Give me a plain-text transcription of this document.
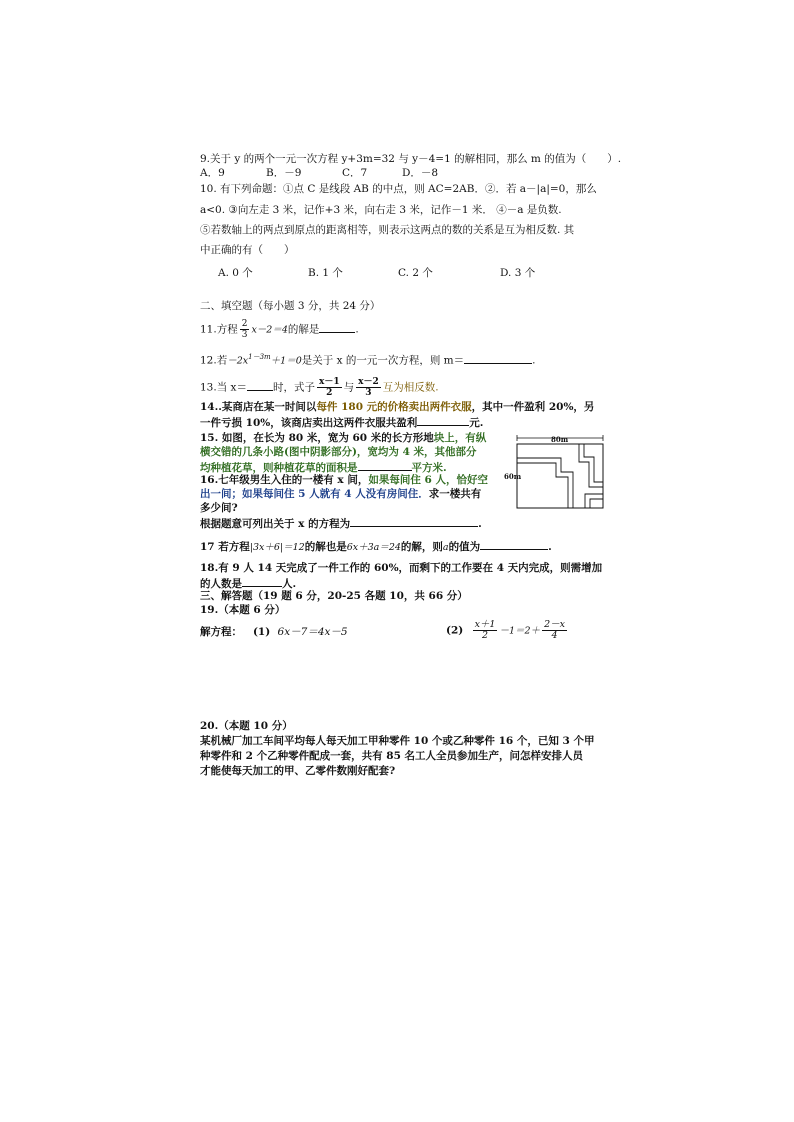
9.关于 y 的两个一元一次方程 y+3m=32 与 y－4=1 的解相同，那么 m 的值为（　　）.
A．9	B．－9	C．7	D．－8
10. 有下列命题：①点 C 是线段 AB 的中点，则 AC=2AB．②．若 a－|a|=0，那么
a<0. ③向左走 3 米，记作+3 米，向右走 3 米，记作－1 米． ④－a 是负数.
⑤若数轴上的两点到原点的距离相等，则表示这两点的数的关系是互为相反数. 其
中正确的有（　　）
A. 0 个	B. 1 个	C. 2 个	D. 3 个
二、填空题（每小题 3 分，共 24 分）
11.方程 $\frac{2}{3} x-2=4$的解是	.
12.若$-2x^{1-3m}+1=0$是关于 x 的一元一次方程，则 m＝	.
13.当 x＝ 时，式子 $\frac{x-1}{2}$ 与 $\frac{x-2}{3}$ 互为相反数.
14..某商店在某一时间以每件 180 元的价格卖出两件衣服，其中一件盈利 20%，另
一件亏损 10%，该商店卖出这两件衣服共盈利	元.
15. 如图，在长为 80 米，宽为 60 米的长方形地块上，有纵
横交错的几条小路(图中阴影部分)，宽均为 4 米，其他部分
均种植花草，则种植花草的面积是	平方米.
16.七年级男生入住的一楼有 x 间，如果每间住 6 人，恰好空
出一间；如果每间住 5 人就有 4 人没有房间住．求一楼共有
多少间?
根据题意可列出关于 x 的方程为	.
80m
60m
17 若方程|3x＋6|＝12的解也是6x＋3a＝24的解，则a的值为	.
18.有 9 人 14 天完成了一件工作的 60%，而剩下的工作要在 4 天内完成，则需增加
的人数是	人.
三、解答题（19 题 6 分，20-25 各题 10，共 66 分）
19.（本题 6 分）
解方程： (1) 6x－7＝4x－5	$(2) \frac{x+1}{2} -1=2+ \frac{2-x}{4}$
20.（本题 10 分）
某机械厂加工车间平均每人每天加工甲种零件 10 个或乙种零件 16 个，已知 3 个甲
种零件和 2 个乙种零件配成一套，共有 85 名工人全员参加生产，问怎样安排人员
才能使每天加工的甲、乙零件数刚好配套?
